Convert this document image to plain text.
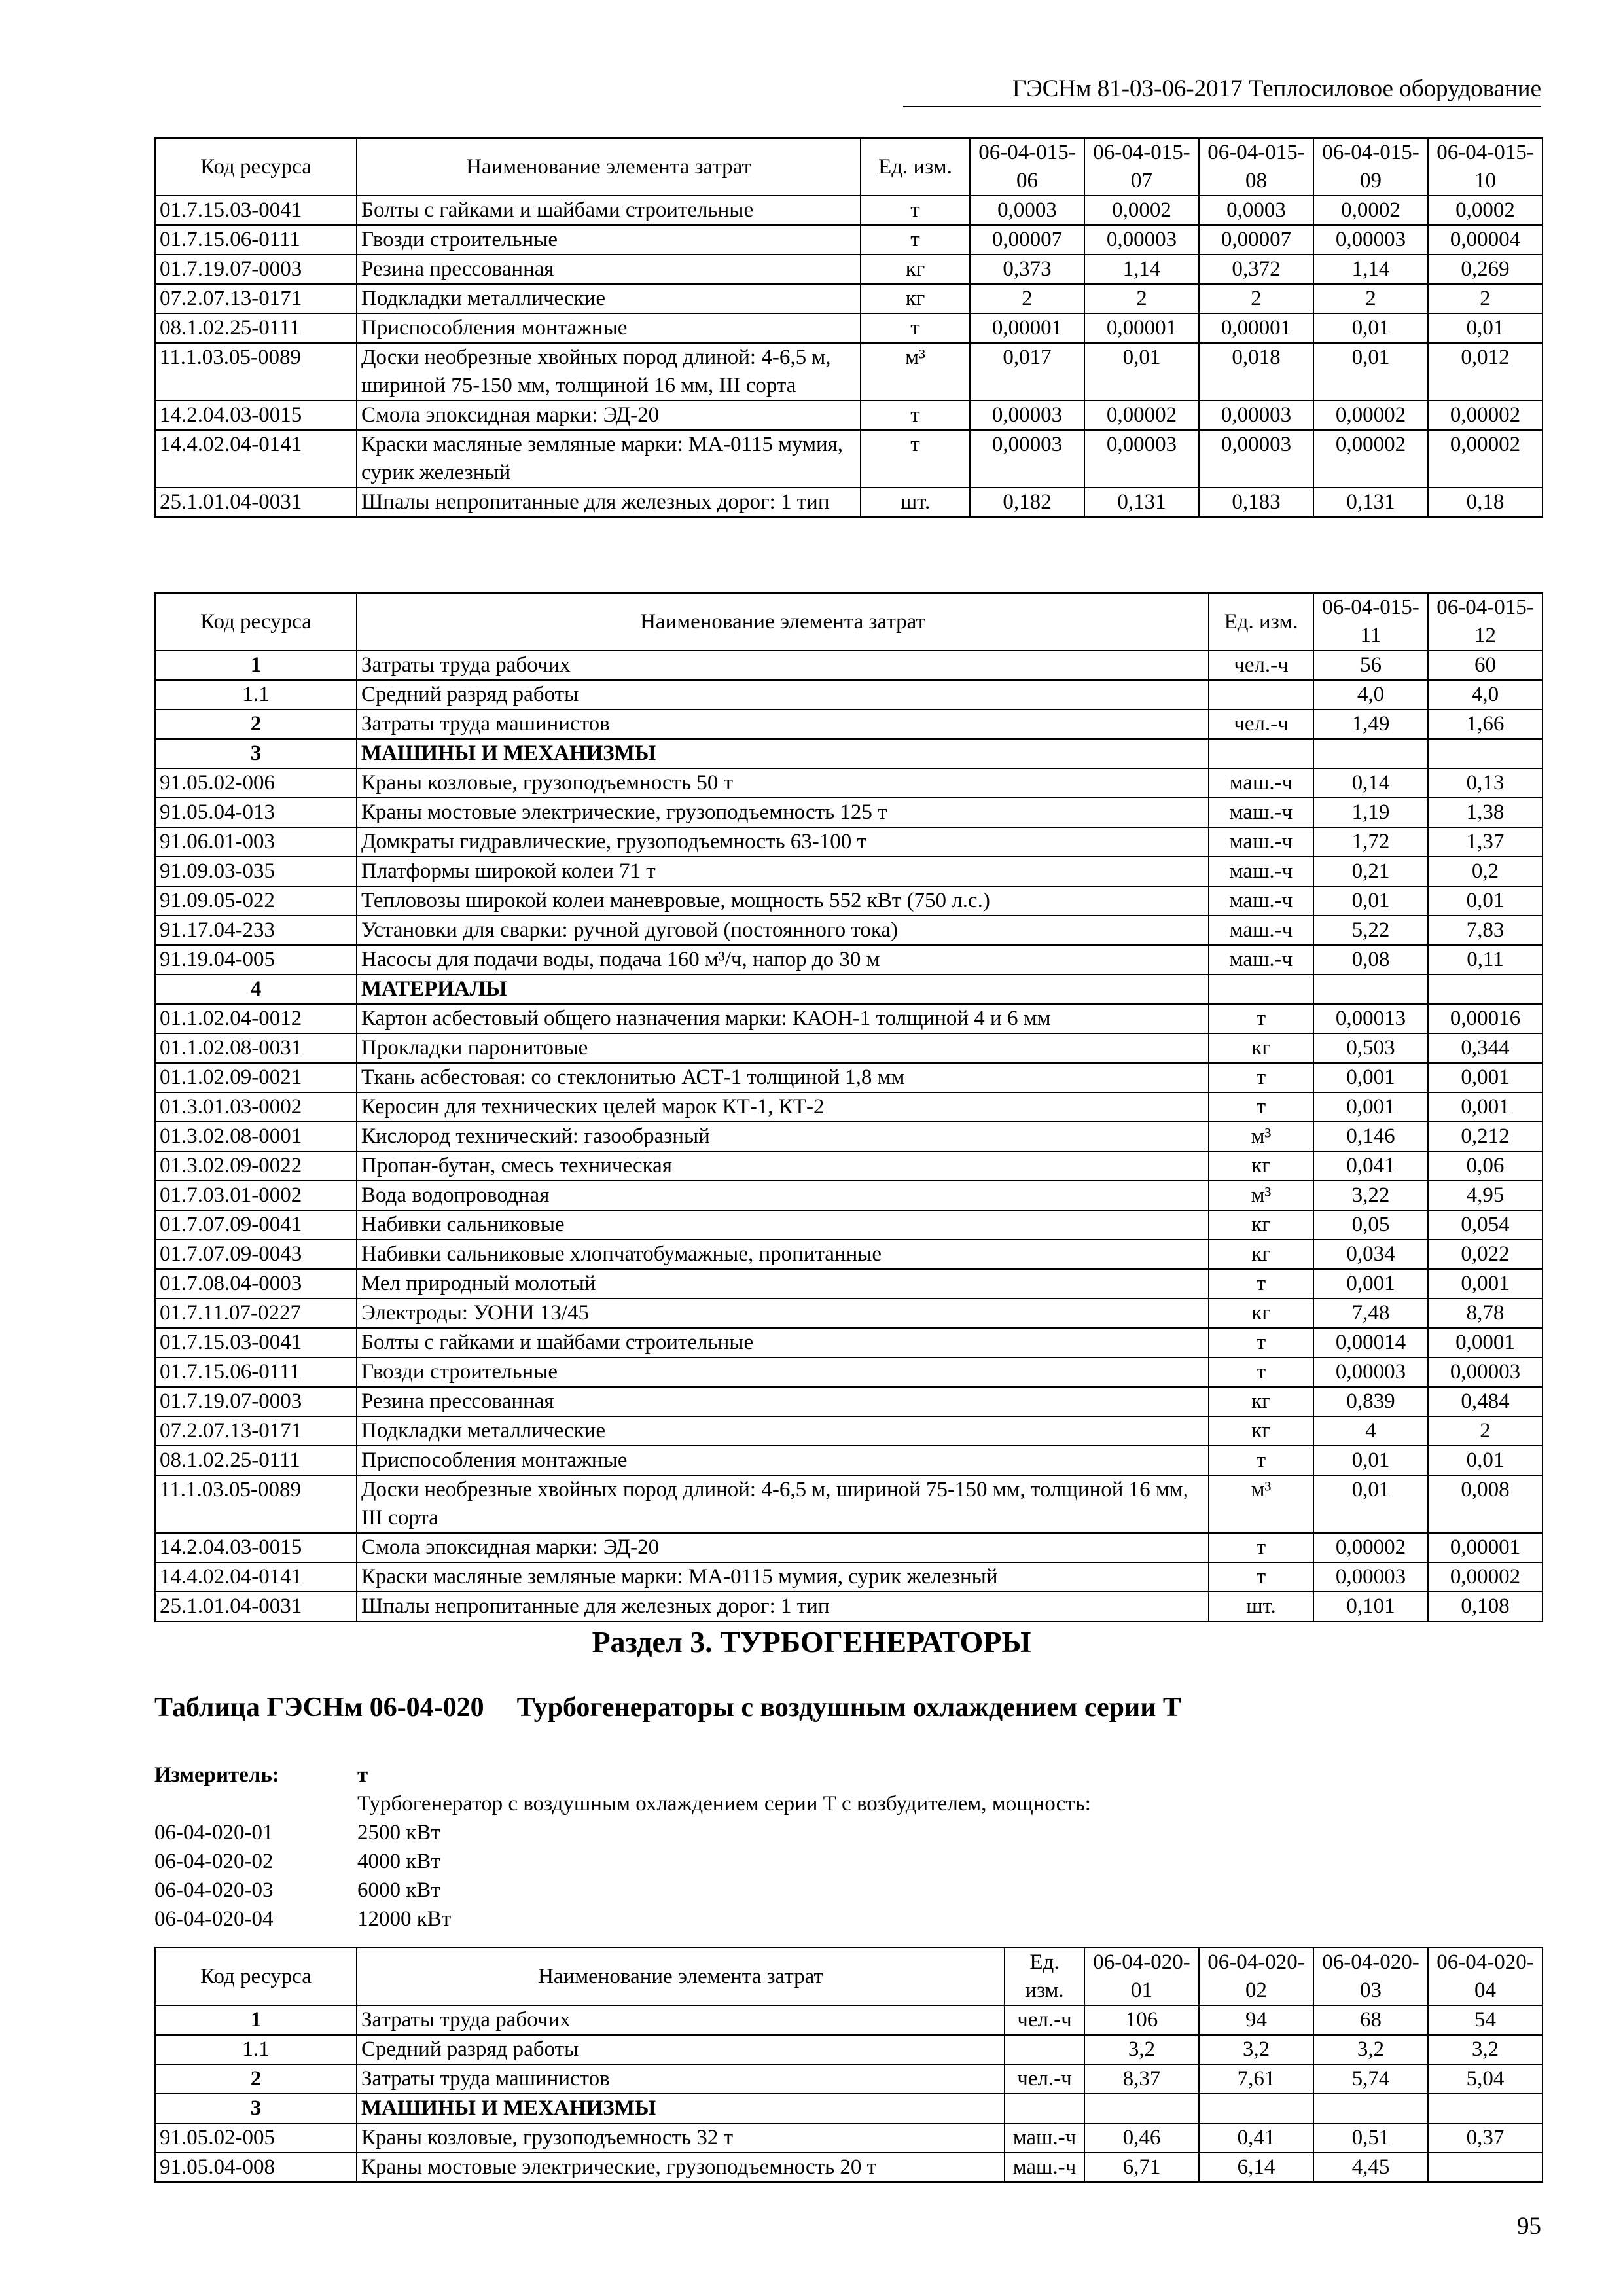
ГЭСНм 81-03-06-2017 Теплосиловое оборудование
Код ресурса	Наименование элемента затрат	Ед. изм.	06-04-015-06	06-04-015-07	06-04-015-08	06-04-015-09	06-04-015-10
01.7.15.03-0041	Болты с гайками и шайбами строительные	т	0,0003	0,0002	0,0003	0,0002	0,0002
01.7.15.06-0111	Гвозди строительные	т	0,00007	0,00003	0,00007	0,00003	0,00004
01.7.19.07-0003	Резина прессованная	кг	0,373	1,14	0,372	1,14	0,269
07.2.07.13-0171	Подкладки металлические	кг	2	2	2	2	2
08.1.02.25-0111	Приспособления монтажные	т	0,00001	0,00001	0,00001	0,01	0,01
11.1.03.05-0089	Доски необрезные хвойных пород длиной: 4-6,5 м, шириной 75-150 мм, толщиной 16 мм, III сорта	м³	0,017	0,01	0,018	0,01	0,012
14.2.04.03-0015	Смола эпоксидная марки: ЭД-20	т	0,00003	0,00002	0,00003	0,00002	0,00002
14.4.02.04-0141	Краски масляные земляные марки: МА-0115 мумия, сурик железный	т	0,00003	0,00003	0,00003	0,00002	0,00002
25.1.01.04-0031	Шпалы непропитанные для железных дорог: 1 тип	шт.	0,182	0,131	0,183	0,131	0,18
Код ресурса	Наименование элемента затрат	Ед. изм.	06-04-015-11	06-04-015-12
1	Затраты труда рабочих	чел.-ч	56	60
1.1	Средний разряд работы		4,0	4,0
2	Затраты труда машинистов	чел.-ч	1,49	1,66
3	МАШИНЫ И МЕХАНИЗМЫ			
91.05.02-006	Краны козловые, грузоподъемность 50 т	маш.-ч	0,14	0,13
91.05.04-013	Краны мостовые электрические, грузоподъемность 125 т	маш.-ч	1,19	1,38
91.06.01-003	Домкраты гидравлические, грузоподъемность 63-100 т	маш.-ч	1,72	1,37
91.09.03-035	Платформы широкой колеи 71 т	маш.-ч	0,21	0,2
91.09.05-022	Тепловозы широкой колеи маневровые, мощность 552 кВт (750 л.с.)	маш.-ч	0,01	0,01
91.17.04-233	Установки для сварки: ручной дуговой (постоянного тока)	маш.-ч	5,22	7,83
91.19.04-005	Насосы для подачи воды, подача 160 м³/ч, напор до 30 м	маш.-ч	0,08	0,11
4	МАТЕРИАЛЫ			
01.1.02.04-0012	Картон асбестовый общего назначения марки: КАОН-1 толщиной 4 и 6 мм	т	0,00013	0,00016
01.1.02.08-0031	Прокладки паронитовые	кг	0,503	0,344
01.1.02.09-0021	Ткань асбестовая: со стеклонитью АСТ-1 толщиной 1,8 мм	т	0,001	0,001
01.3.01.03-0002	Керосин для технических целей марок КТ-1, КТ-2	т	0,001	0,001
01.3.02.08-0001	Кислород технический: газообразный	м³	0,146	0,212
01.3.02.09-0022	Пропан-бутан, смесь техническая	кг	0,041	0,06
01.7.03.01-0002	Вода водопроводная	м³	3,22	4,95
01.7.07.09-0041	Набивки сальниковые	кг	0,05	0,054
01.7.07.09-0043	Набивки сальниковые хлопчатобумажные, пропитанные	кг	0,034	0,022
01.7.08.04-0003	Мел природный молотый	т	0,001	0,001
01.7.11.07-0227	Электроды: УОНИ 13/45	кг	7,48	8,78
01.7.15.03-0041	Болты с гайками и шайбами строительные	т	0,00014	0,0001
01.7.15.06-0111	Гвозди строительные	т	0,00003	0,00003
01.7.19.07-0003	Резина прессованная	кг	0,839	0,484
07.2.07.13-0171	Подкладки металлические	кг	4	2
08.1.02.25-0111	Приспособления монтажные	т	0,01	0,01
11.1.03.05-0089	Доски необрезные хвойных пород длиной: 4-6,5 м, шириной 75-150 мм, толщиной 16 мм, III сорта	м³	0,01	0,008
14.2.04.03-0015	Смола эпоксидная марки: ЭД-20	т	0,00002	0,00001
14.4.02.04-0141	Краски масляные земляные марки: МА-0115 мумия, сурик железный	т	0,00003	0,00002
25.1.01.04-0031	Шпалы непропитанные для железных дорог: 1 тип	шт.	0,101	0,108
Раздел 3. ТУРБОГЕНЕРАТОРЫ
Таблица ГЭСНм 06-04-020 Турбогенераторы с воздушным охлаждением серии Т
Измеритель:	т
Турбогенератор с воздушным охлаждением серии Т с возбудителем, мощность:
06-04-020-01	2500 кВт
06-04-020-02	4000 кВт
06-04-020-03	6000 кВт
06-04-020-04	12000 кВт
Код ресурса	Наименование элемента затрат	Ед. изм.	06-04-020-01	06-04-020-02	06-04-020-03	06-04-020-04
1	Затраты труда рабочих	чел.-ч	106	94	68	54
1.1	Средний разряд работы		3,2	3,2	3,2	3,2
2	Затраты труда машинистов	чел.-ч	8,37	7,61	5,74	5,04
3	МАШИНЫ И МЕХАНИЗМЫ					
91.05.02-005	Краны козловые, грузоподъемность 32 т	маш.-ч	0,46	0,41	0,51	0,37
91.05.04-008	Краны мостовые электрические, грузоподъемность 20 т	маш.-ч	6,71	6,14	4,45	
95
